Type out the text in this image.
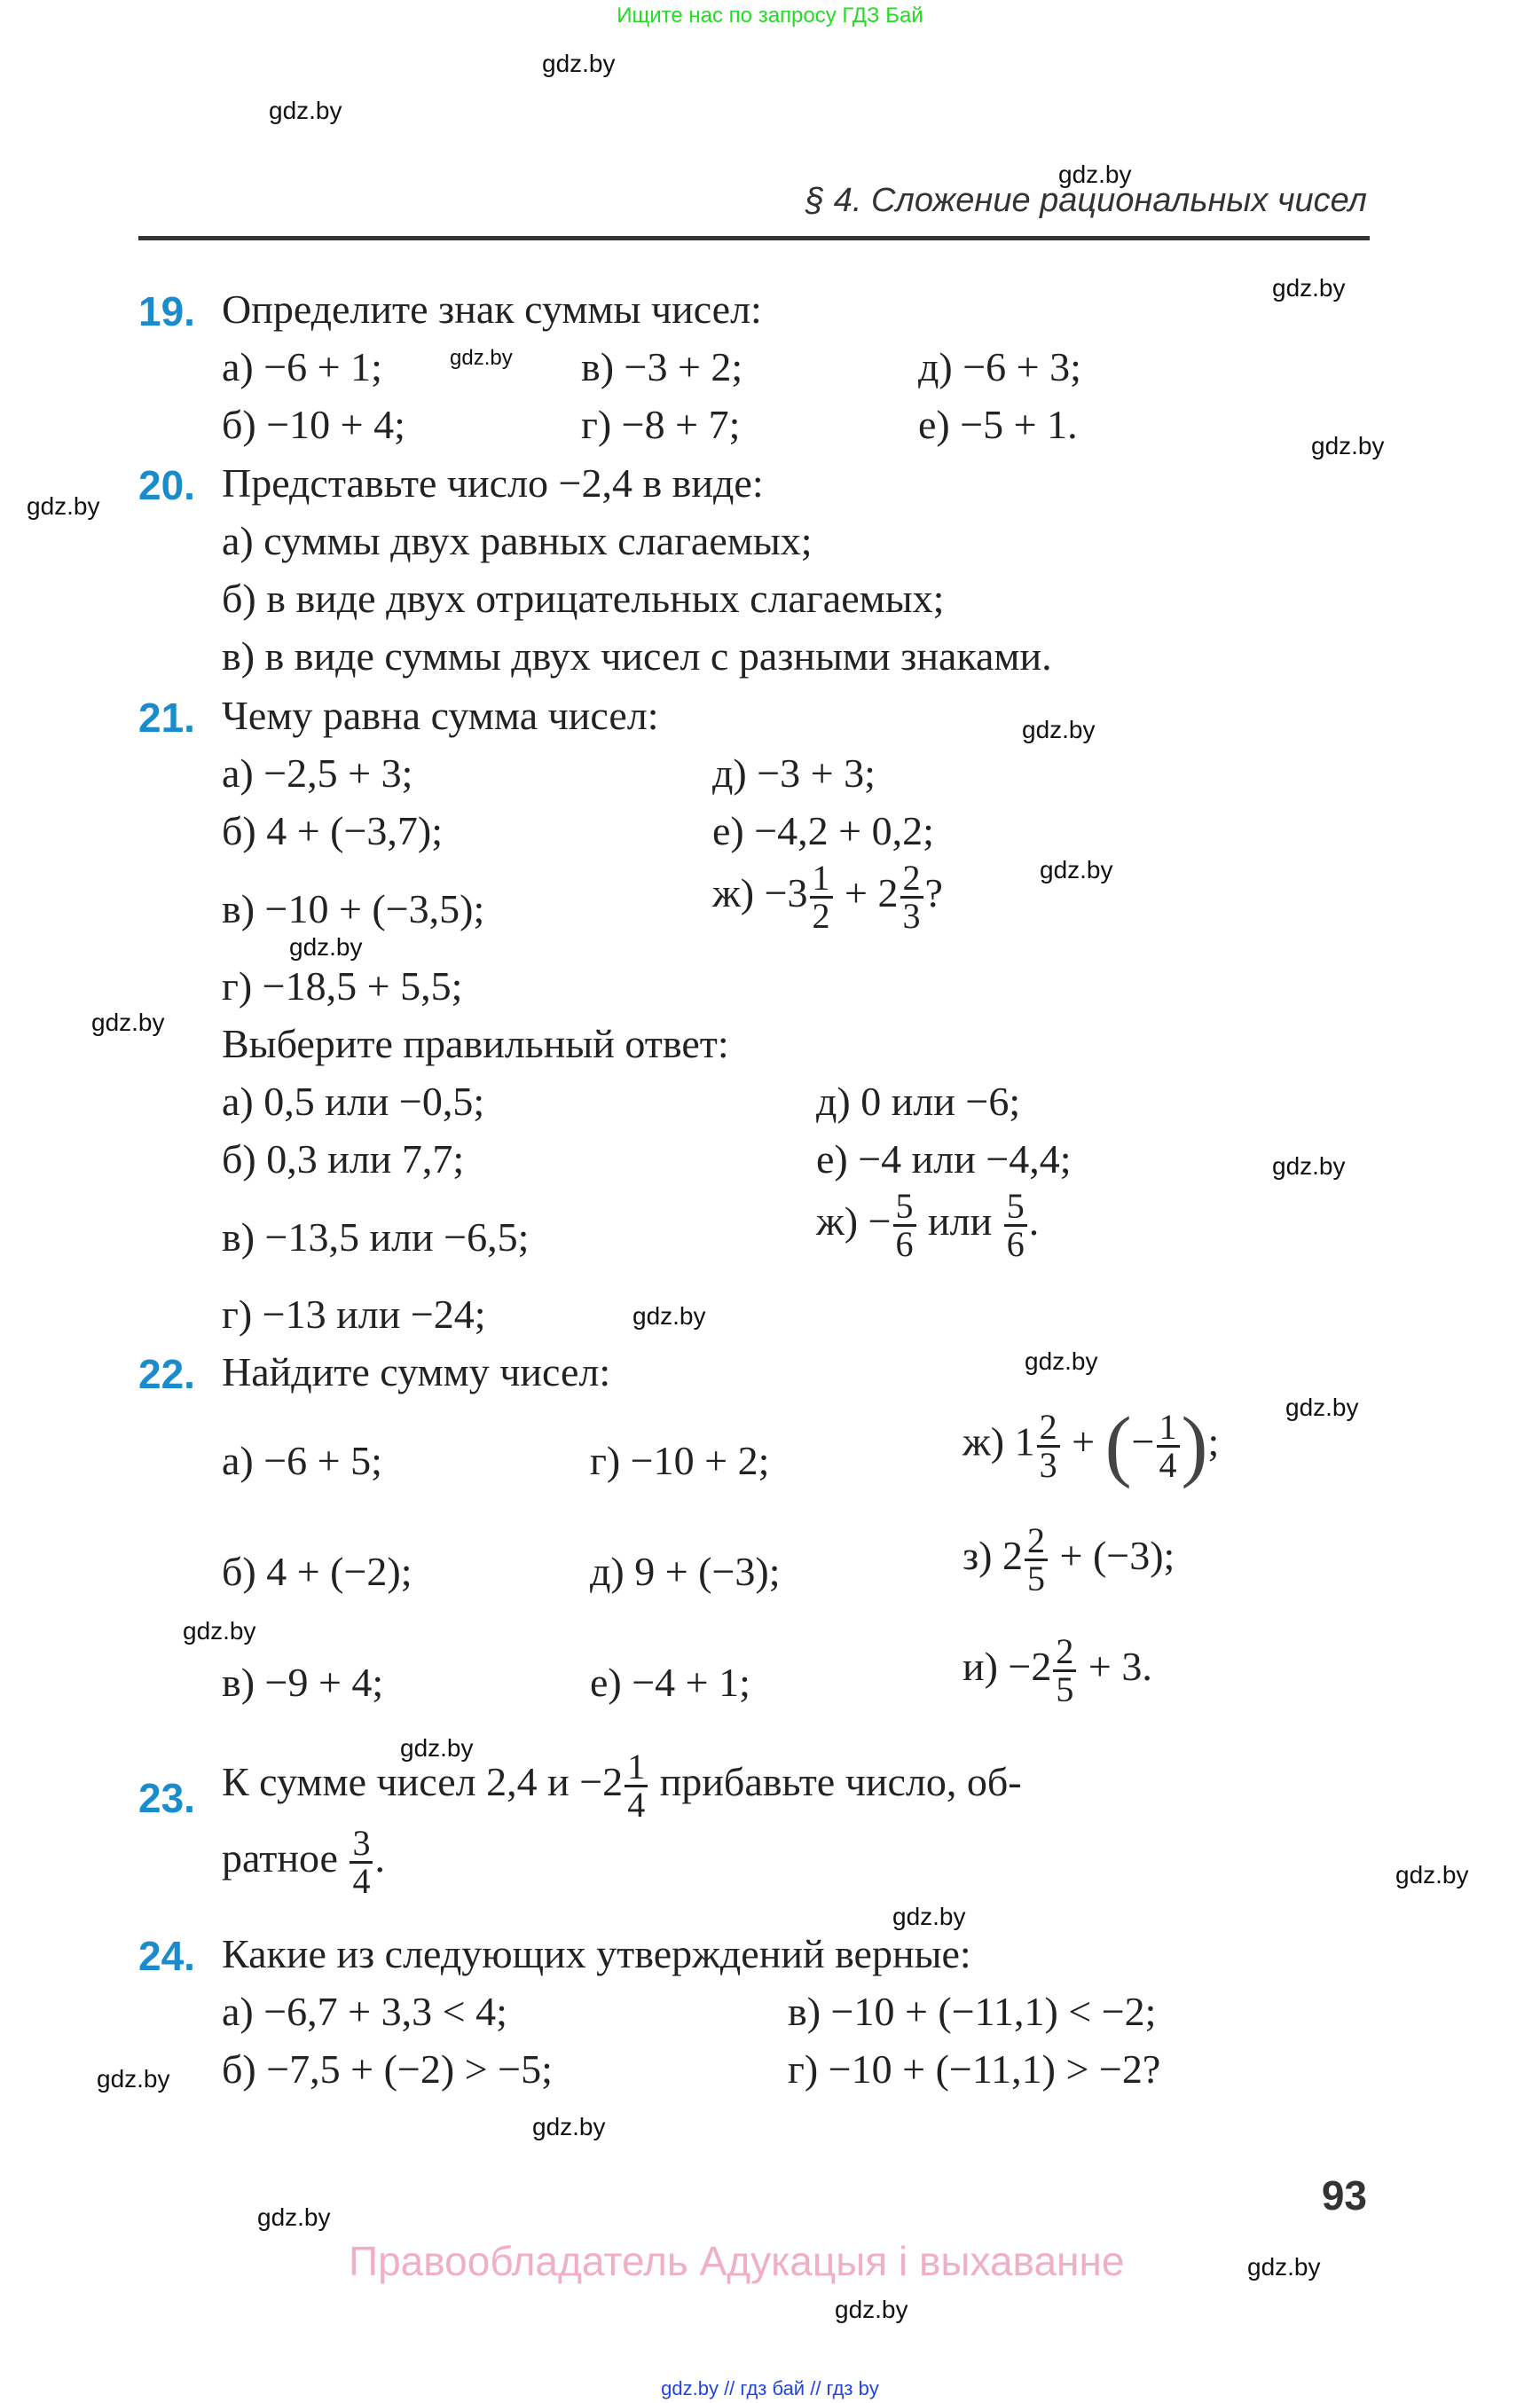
Ищите нас по запросу ГДЗ Бай
gdz.by
gdz.by
gdz.by
gdz.by
gdz.by
gdz.by
gdz.by
gdz.by
gdz.by
gdz.by
gdz.by
gdz.by
gdz.by
gdz.by
gdz.by
gdz.by
gdz.by
gdz.by
gdz.by
gdz.by
gdz.by
gdz.by
gdz.by
gdz.by
§ 4. Сложение рациональных чисел
19. Определите знак суммы чисел:
а) −6 + 1;	в) −3 + 2;	д) −6 + 3;
б) −10 + 4;	г) −8 + 7;	е) −5 + 1.
20. Представьте число −2,4 в виде:
а) суммы двух равных слагаемых;
б) в виде двух отрицательных слагаемых;
в) в виде суммы двух чисел с разными знаками.
21. Чему равна сумма чисел:
а) −2,5 + 3;	д) −3 + 3;
б) 4 + (−3,7);	е) −4,2 + 0,2;
в) −10 + (−3,5);	$ж) -3 \frac{1}{2} + 2 \frac{2}{3}$ ?
г) −18,5 + 5,5;
Выберите правильный ответ:
а) 0,5 или −0,5;	д) 0 или −6;
б) 0,3 или 7,7;	е) −4 или −4,4;
в) −13,5 или −6,5;	$ж) - \frac{5}{6}$ или $\frac{5}{6}$ .
г) −13 или −24;
22. Найдите сумму чисел:
а) −6 + 5;	г) −10 + 2;	ж) $1 \frac{2}{3}$ + (− $\frac{1}{4}$ );
б) 4 + (−2);	д) 9 + (−3);	з) $2 \frac{2}{5} + (-3)$;
в) −9 + 4;	е) −4 + 1;	$и) -2 \frac{2}{5} + 3$.
23. К сумме чисел 2,4 $и -2 \frac{1}{4}$ прибавьте число, об-
ратное $\frac{3}{4}$ .
24. Какие из следующих утверждений верные:
а) −6,7 + 3,3 < 4;	в) −10 + (−11,1) < −2;
б) −7,5 + (−2) > −5;	г) −10 + (−11,1) > −2?
93
Правообладатель Адукацыя і выхаванне
gdz.by // гдз бай // гдз by
